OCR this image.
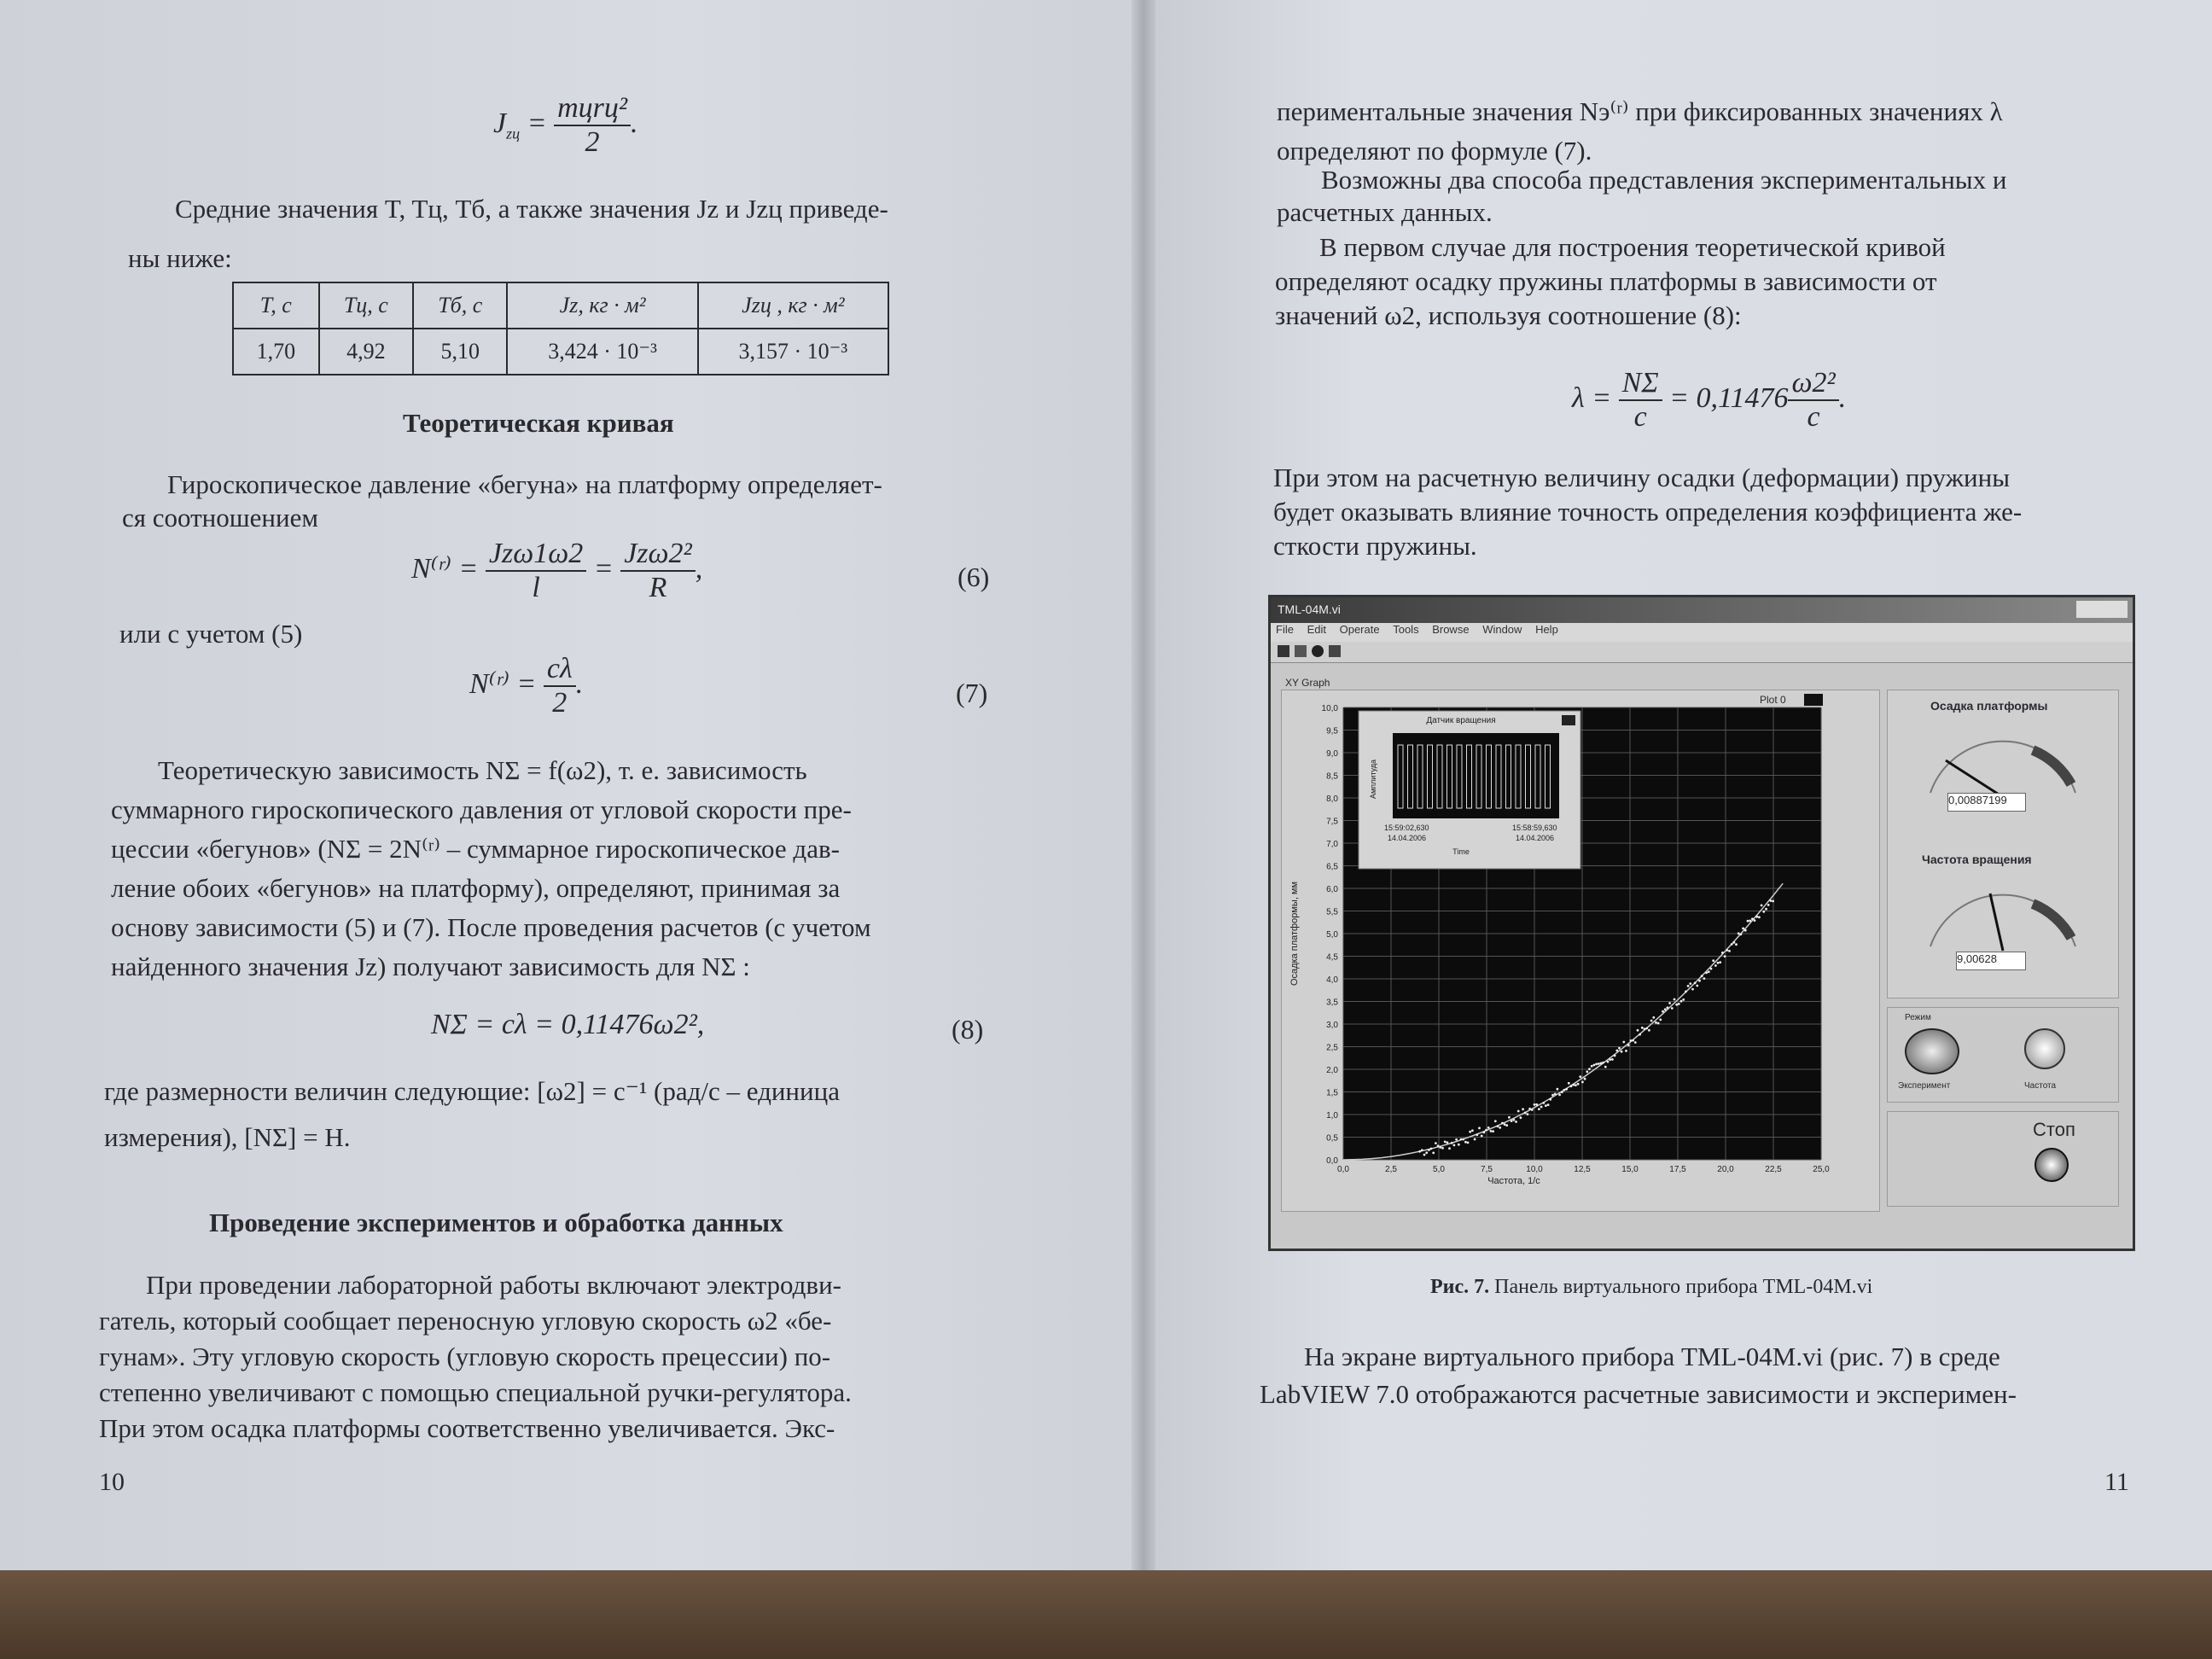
$J_{zц} = \frac{\text{mцrц²}}{2}$ .
Средние значения T, Tц, Tб, а также значения Jz и Jzц приведе-
ны ниже:
T, c	Tц, c	Tб, c	Jz, кг · м²	Jzц , кг · м²
1,70	4,92	5,10	3,424 · 10⁻³	3,157 · 10⁻³
Теоретическая кривая
Гироскопическое давление «бегуна» на платформу определяет-
ся соотношением
N⁽ʳ⁾ = $\frac{\text{Jzω1ω2}}{l} = \frac{\text{Jzω2²}}{R}$ ,	(6)
или с учетом (5)
N⁽ʳ⁾ = $\frac{c\lambda}{2}$ .	(7)
Теоретическую зависимость NΣ = f(ω2), т. е. зависимость
суммарного гироскопического давления от угловой скорости пре-
цессии «бегунов» (NΣ = 2N⁽ʳ⁾ – суммарное гироскопическое дав-
ление обоих «бегунов» на платформу), определяют, принимая за
основу зависимости (5) и (7). После проведения расчетов (с учетом
найденного значения Jz) получают зависимость для NΣ :
NΣ = cλ = 0,11476ω2²,	(8)
где размерности величин следующие: [ω2] = c⁻¹ (рад/с – единица
измерения), [NΣ] = H.
Проведение экспериментов и обработка данных
При проведении лабораторной работы включают электродви-
гатель, который сообщает переносную угловую скорость ω2 «бе-
гунам». Эту угловую скорость (угловую скорость прецессии) по-
степенно увеличивают с помощью специальной ручки-регулятора.
При этом осадка платформы соответственно увеличивается. Экс-
10
периментальные значения Nэ⁽ʳ⁾ при фиксированных значениях λ
определяют по формуле (7).
Возможны два способа представления экспериментальных и
расчетных данных.
В первом случае для построения теоретической кривой
определяют осадку пружины платформы в зависимости от
значений ω2, используя соотношение (8):
$\lambda = \frac{N\Sigma}{c} = 0,11476 \frac{\text{ω2²}}{c}$ .
При этом на расчетную величину осадки (деформации) пружины
будет оказывать влияние точность определения коэффициента же-
сткости пружины.
TML-04M.vi
File Edit Operate Tools Browse Window Help
XY Graph
Plot 0
10,0
9,5
9,0
8,5
8,0
7,5
7,0
6,5
6,0
5,5
5,0
4,5
4,0
3,5
3,0
2,5
2,0
1,5
1,0
0,5
0,0
0,0	2,5	5,0	7,5	10,0	12,5	15,0	17,5	20,0	22,5	25,0
Осадка платформы, мм
Частота, 1/с
Датчик вращения
Амплитуда
15:59:02,630
14.04.2006
15:58:59,630
14.04.2006
Time
Осадка платформы
0,00887199
Частота вращения
9,00628
Режим
Эксперимент	Частота
Стоп
Рис. 7. Панель виртуального прибора TML-04M.vi
На экране виртуального прибора TML-04M.vi (рис. 7) в среде
LabVIEW 7.0 отображаются расчетные зависимости и эксперимен-
11
